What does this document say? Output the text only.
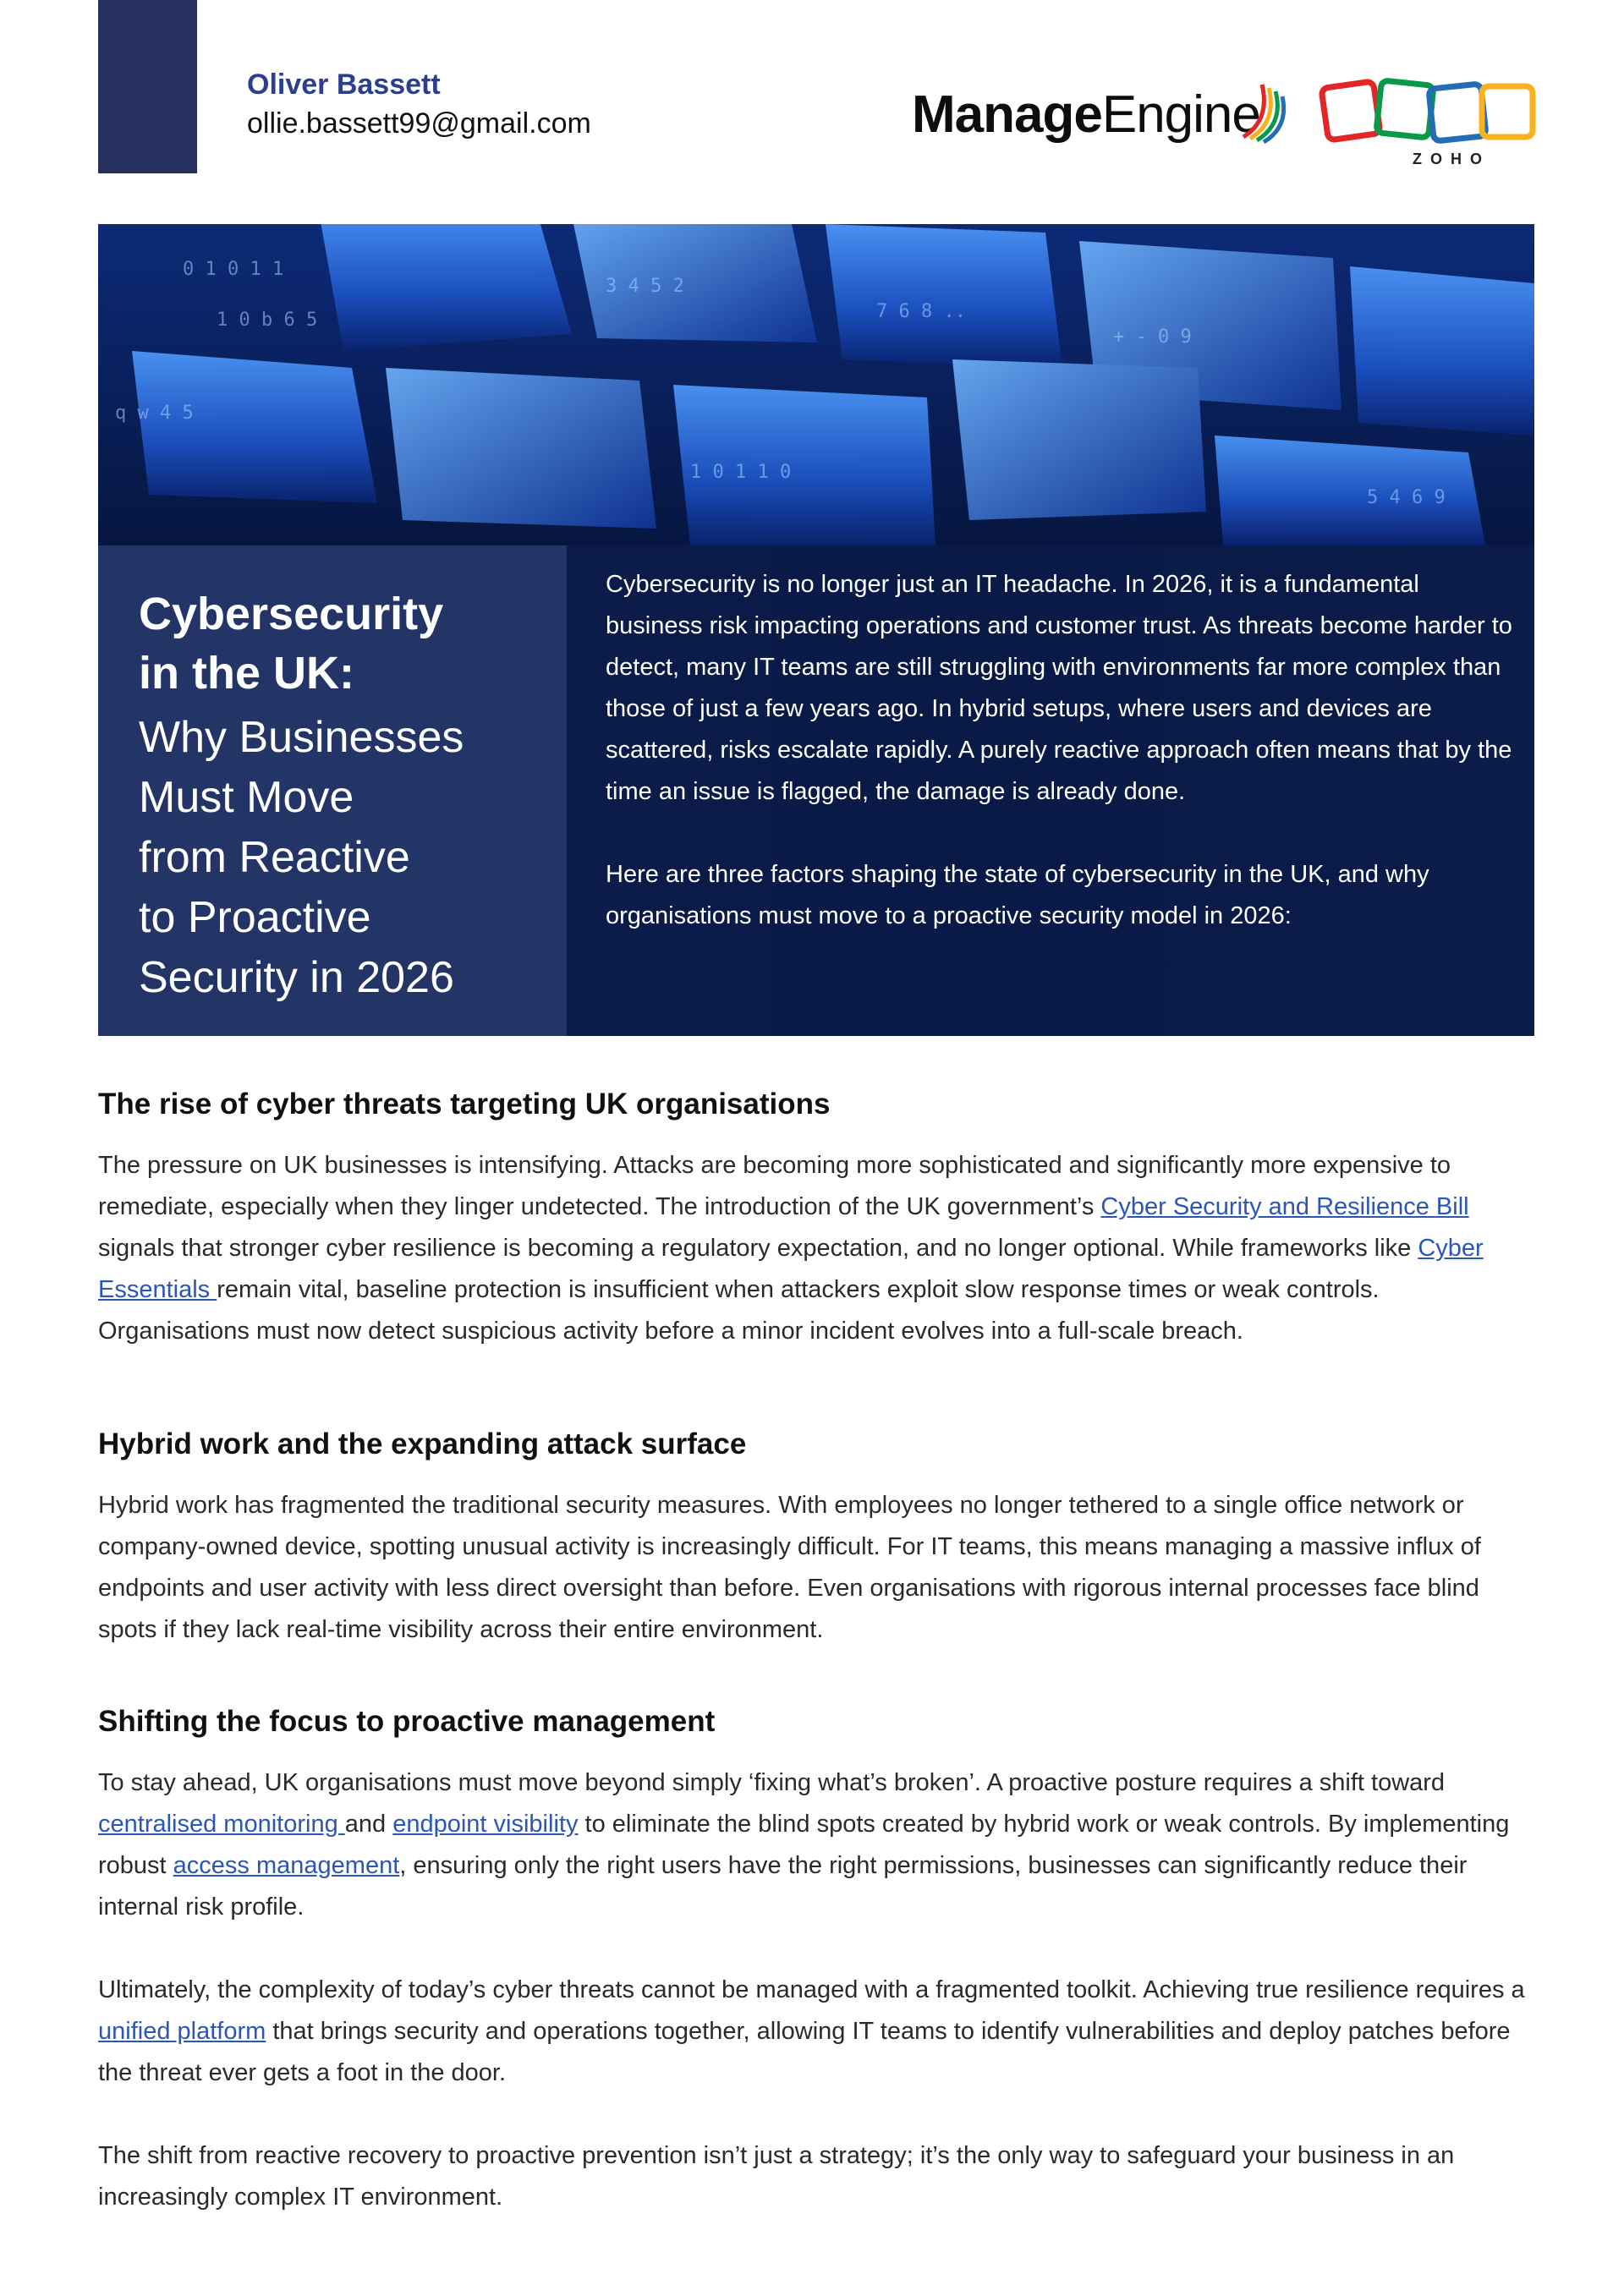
Oliver Bassett
ollie.bassett99@gmail.com	ManageEngine
ZOHO
0 1 0 1 1
1 0 b 6 5
q w 4 5
3 4 5 2
7 6 8 ..
+ - 0 9
5 4 6 9
1 0 1 1 0
Cybersecurity
in the UK:
Why Businesses
Must Move
from Reactive
to Proactive
Security in 2026

Cybersecurity is no longer just an IT headache. In 2026, it is a fundamental business risk impacting operations and customer trust. As threats become harder to detect, many IT teams are still struggling with environments far more complex than those of just a few years ago. In hybrid setups, where users and devices are scattered, risks escalate rapidly. A purely reactive approach often means that by the time an issue is flagged, the damage is already done.

Here are three factors shaping the state of cybersecurity in the UK, and why organisations must move to a proactive security model in 2026:

The rise of cyber threats targeting UK organisations

The pressure on UK businesses is intensifying. Attacks are becoming more sophisticated and significantly more expensive to remediate, especially when they linger undetected. The introduction of the UK government’s Cyber Security and Resilience Bill signals that stronger cyber resilience is becoming a regulatory expectation, and no longer optional. While frameworks like Cyber Essentials remain vital, baseline protection is insufficient when attackers exploit slow response times or weak controls. Organisations must now detect suspicious activity before a minor incident evolves into a full-scale breach.

Hybrid work and the expanding attack surface

Hybrid work has fragmented the traditional security measures. With employees no longer tethered to a single office network or company-owned device, spotting unusual activity is increasingly difficult. For IT teams, this means managing a massive influx of endpoints and user activity with less direct oversight than before. Even organisations with rigorous internal processes face blind spots if they lack real-time visibility across their entire environment.

Shifting the focus to proactive management

To stay ahead, UK organisations must move beyond simply ‘fixing what’s broken’. A proactive posture requires a shift toward centralised monitoring and endpoint visibility to eliminate the blind spots created by hybrid work or weak controls. By implementing robust access management, ensuring only the right users have the right permissions, businesses can significantly reduce their internal risk profile.

Ultimately, the complexity of today’s cyber threats cannot be managed with a fragmented toolkit. Achieving true resilience requires a unified platform that brings security and operations together, allowing IT teams to identify vulnerabilities and deploy patches before the threat ever gets a foot in the door.

The shift from reactive recovery to proactive prevention isn’t just a strategy; it’s the only way to safeguard your business in an increasingly complex IT environment.
